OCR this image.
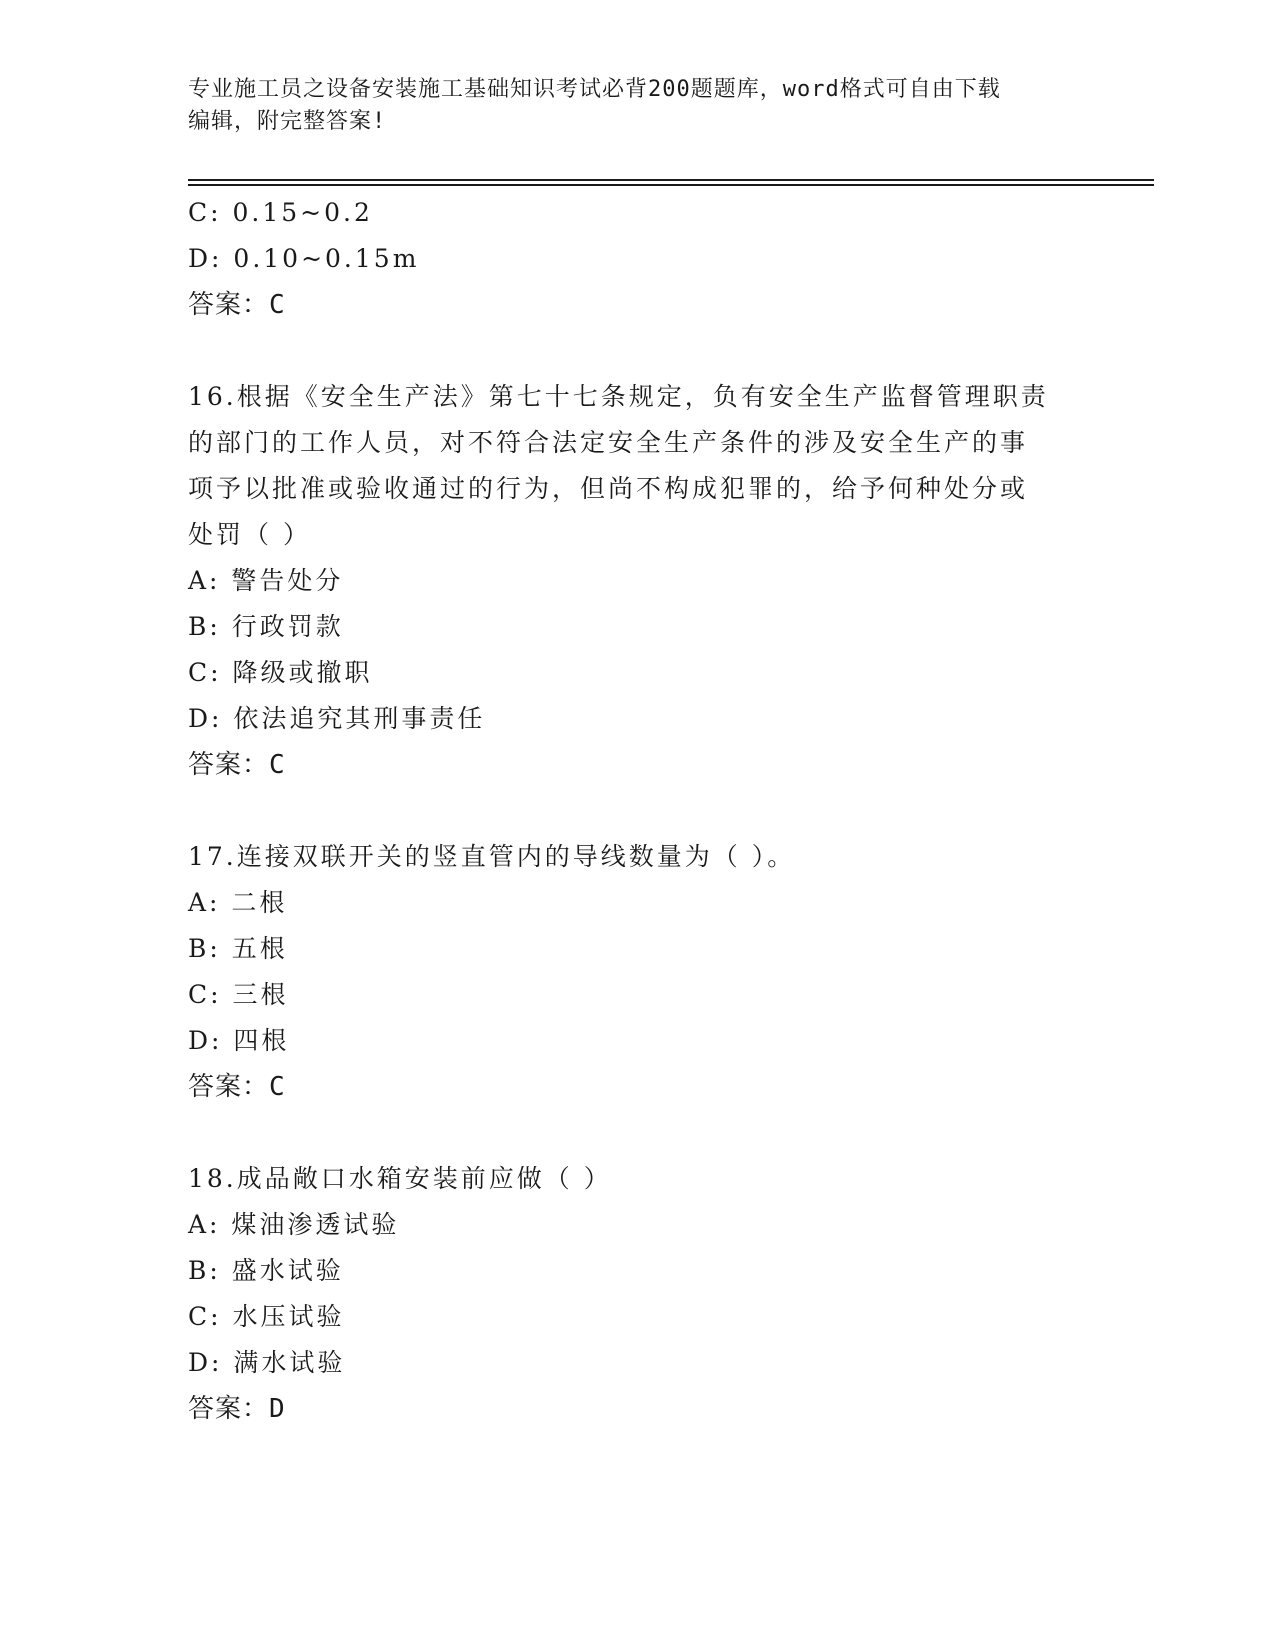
专业施工员之设备安装施工基础知识考试必背200题题库，word格式可自由下载
编辑，附完整答案!
C: 0.15~0.2
D: 0.10~0.15m
答案：C
16.根据《安全生产法》第七十七条规定，负有安全生产监督管理职责
的部门的工作人员，对不符合法定安全生产条件的涉及安全生产的事
项予以批准或验收通过的行为，但尚不构成犯罪的，给予何种处分或
处罚（ ）
A: 警告处分
B: 行政罚款
C: 降级或撤职
D: 依法追究其刑事责任
答案：C
17.连接双联开关的竖直管内的导线数量为（ ）。
A: 二根
B: 五根
C: 三根
D: 四根
答案：C
18.成品敞口水箱安装前应做（ ）
A: 煤油渗透试验
B: 盛水试验
C: 水压试验
D: 满水试验
答案：D
